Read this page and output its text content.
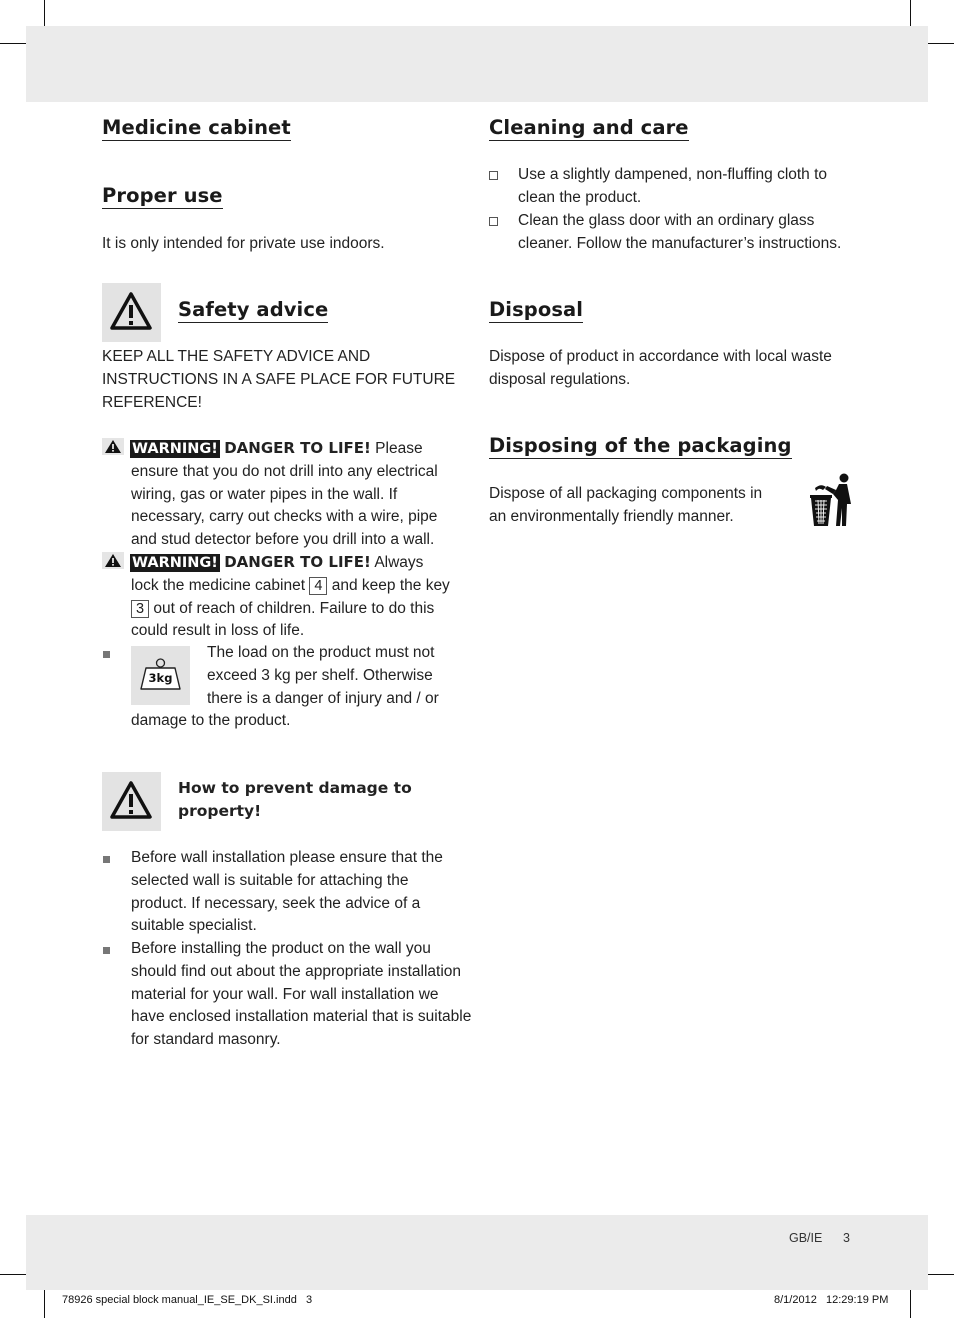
Medicine cabinet
Proper use

It is only intended for private use indoors.

Safety advice

KEEP ALL THE SAFETY ADVICE AND

INSTRUCTIONS IN A SAFE PLACE FOR FUTURE

REFERENCE!

WARNING! DANGER TO LIFE! Please

ensure that you do not drill into any electrical

wiring, gas or water pipes in the wall. If

necessary, carry out checks with a wire, pipe

and stud detector before you drill into a wall.

WARNING! DANGER TO LIFE! Always

lock the medicine cabinet 4 and keep the key

3 out of reach of children. Failure to do this

could result in loss of life.

3kg

The load on the product must not

exceed 3 kg per shelf. Otherwise

there is a danger of injury and / or

damage to the product.

How to prevent damage to

property!

Before wall installation please ensure that the

selected wall is suitable for attaching the

product. If necessary, seek the advice of a

suitable specialist.

Before installing the product on the wall you

should find out about the appropriate installation

material for your wall. For wall installation we

have enclosed installation material that is suitable

for standard masonry.

Cleaning and care

Use a slightly dampened, non-fluffing cloth to

clean the product.

Clean the glass door with an ordinary glass

cleaner. Follow the manufacturer’s instructions.

Disposal

Dispose of product in accordance with local waste

disposal regulations.

Disposing of the packaging

Dispose of all packaging components in

an environmentally friendly manner.

GB/IE 3
78926 special block manual_IE_SE_DK_SI.indd   3	8/1/2012   12:29:19 PM
